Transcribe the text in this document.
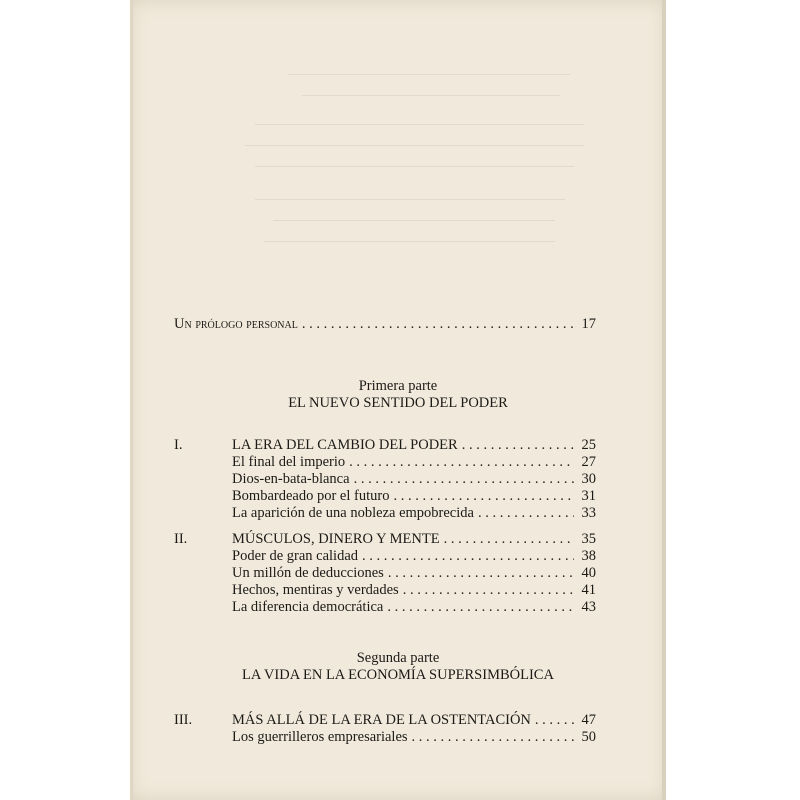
Un prólogo personal . . .	17
Primera parte
EL NUEVO SENTIDO DEL PODER
I.	LA ERA DEL CAMBIO DEL PODER . . .	25
El final del imperio . . .	27
Dios-en-bata-blanca . . .	30
Bombardeado por el futuro . . .	31
La aparición de una nobleza empobrecida . . .	33
II.	MÚSCULOS, DINERO Y MENTE . . .	35
Poder de gran calidad . . .	38
Un millón de deducciones . . .	40
Hechos, mentiras y verdades . . .	41
La diferencia democrática . . .	43
Segunda parte
LA VIDA EN LA ECONOMÍA SUPERSIMBÓLICA
III.	MÁS ALLÁ DE LA ERA DE LA OSTENTACIÓN . . .	47
Los guerrilleros empresariales . . .	50
